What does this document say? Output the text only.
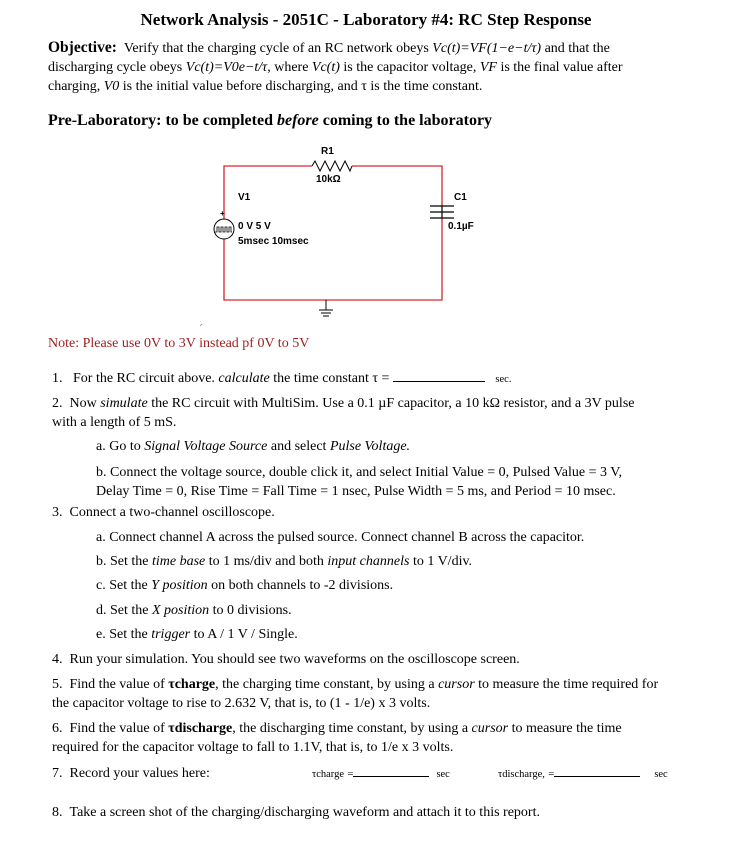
Network Analysis - 2051C - Laboratory #4: RC Step Response
Objective: Verify that the charging cycle of an RC network obeys Vc(t)=VF(1−e−t/τ) and that the
discharging cycle obeys Vc(t)=V0e−t/τ, where Vc(t) is the capacitor voltage, VF is the final value after
charging, V0 is the initial value before discharging, and τ is the time constant.
Pre-Laboratory: to be completed before coming to the laboratory
R1
10kΩ
+
V1
0 V 5 V
5msec 10msec
C1
0.1µF
Note: Please use 0V to 3V instead pf 0V to 5V
1. For the RC circuit above. calculate the time constant τ =	sec.
2. Now simulate the RC circuit with MultiSim. Use a 0.1 µF capacitor, a 10 kΩ resistor, and a 3V pulse
with a length of 5 mS.
a. Go to Signal Voltage Source and select Pulse Voltage.
b. Connect the voltage source, double click it, and select Initial Value = 0, Pulsed Value = 3 V,
Delay Time = 0, Rise Time = Fall Time = 1 nsec, Pulse Width = 5 ms, and Period = 10 msec.
3. Connect a two-channel oscilloscope.
a. Connect channel A across the pulsed source. Connect channel B across the capacitor.
b. Set the time base to 1 ms/div and both input channels to 1 V/div.
c. Set the Y position on both channels to -2 divisions.
d. Set the X position to 0 divisions.
e. Set the trigger to A / 1 V / Single.
4. Run your simulation. You should see two waveforms on the oscilloscope screen.
5. Find the value of τcharge, the charging time constant, by using a cursor to measure the time required for
the capacitor voltage to rise to 2.632 V, that is, to (1 - 1/e) x 3 volts.
6. Find the value of τdischarge, the discharging time constant, by using a cursor to measure the time
required for the capacitor voltage to fall to 1.1V, that is, to 1/e x 3 volts.
7. Record your values here:	τcharge =	sec	τdischarge, =	sec
8. Take a screen shot of the charging/discharging waveform and attach it to this report.
